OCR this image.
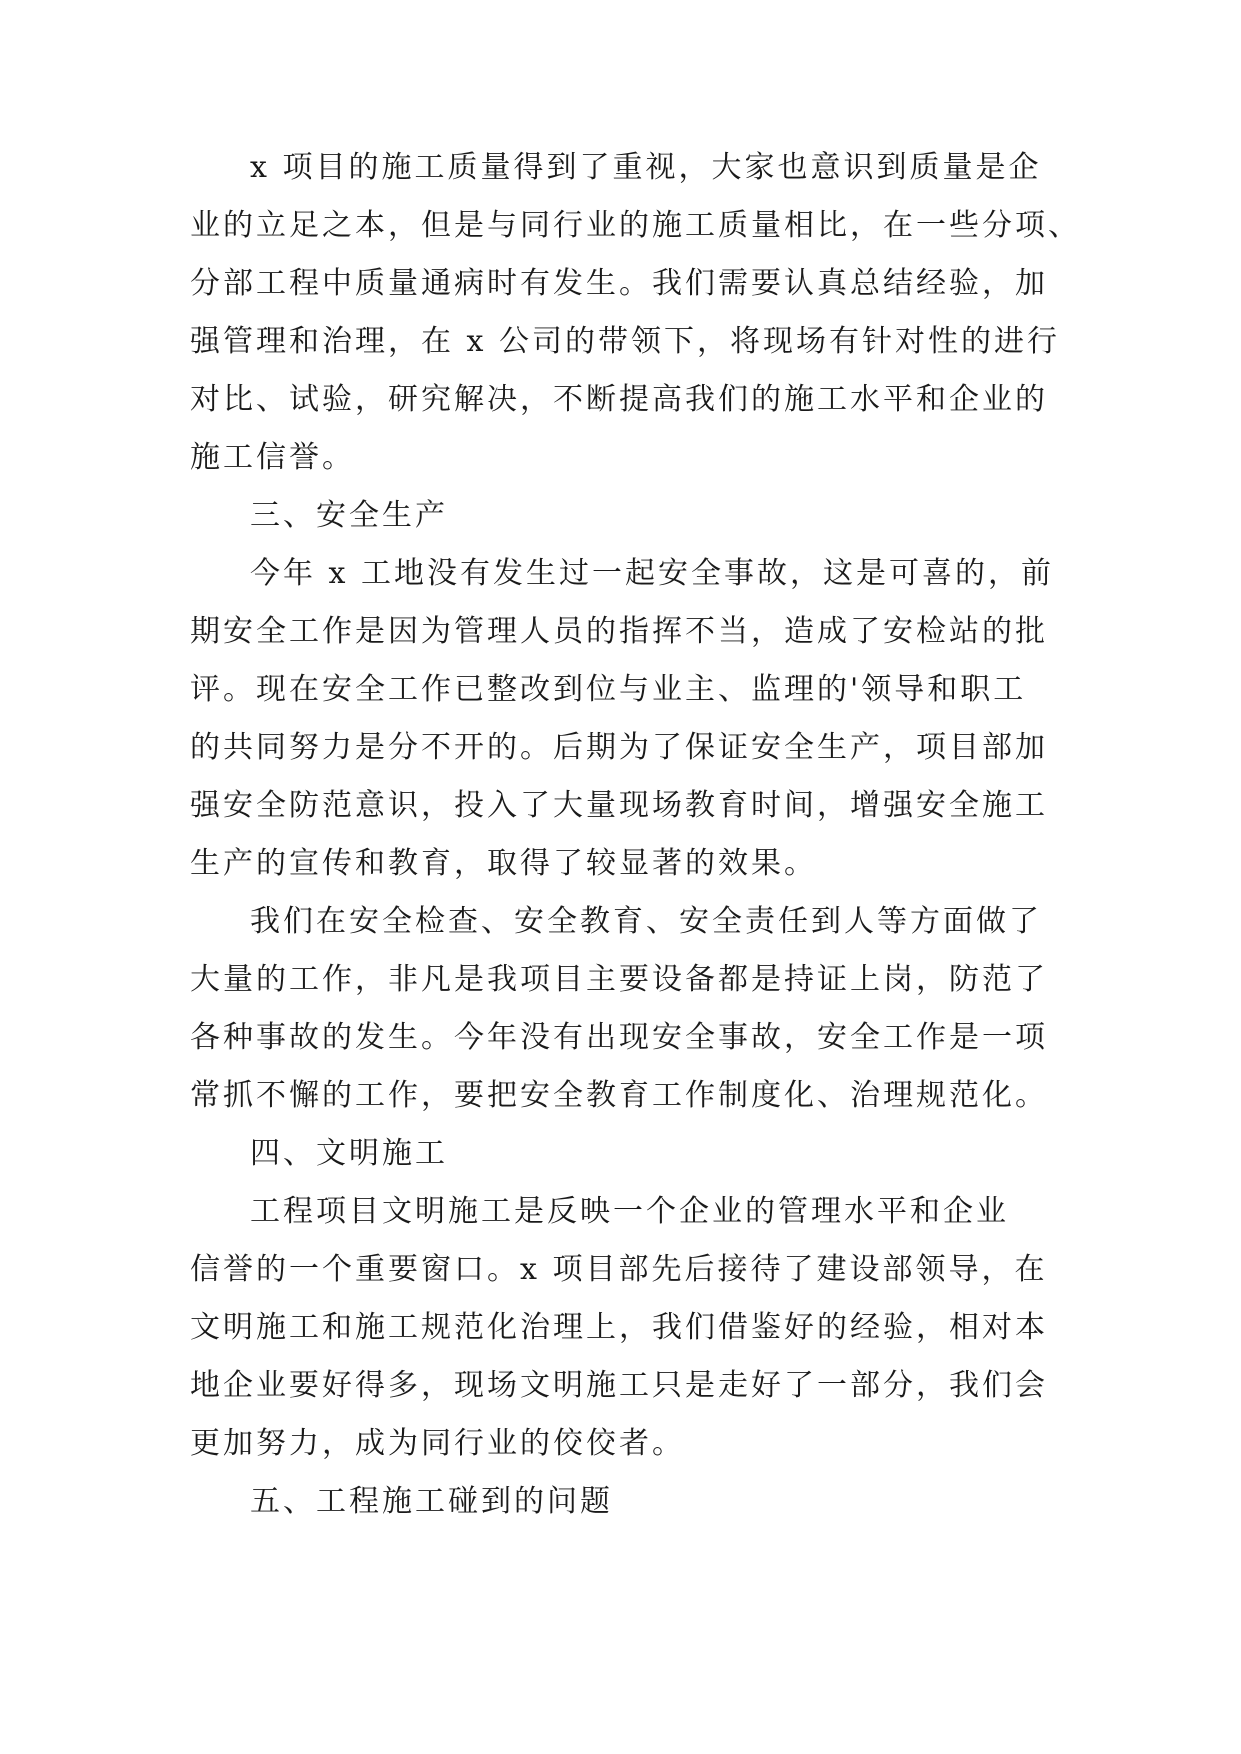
x 项目的施工质量得到了重视，大家也意识到质量是企
业的立足之本，但是与同行业的施工质量相比，在一些分项、
分部工程中质量通病时有发生。我们需要认真总结经验，加
强管理和治理，在 x 公司的带领下，将现场有针对性的进行
对比、试验，研究解决，不断提高我们的施工水平和企业的
施工信誉。
三、安全生产
今年 x 工地没有发生过一起安全事故，这是可喜的，前
期安全工作是因为管理人员的指挥不当，造成了安检站的批
评。现在安全工作已整改到位与业主、监理的'领导和职工
的共同努力是分不开的。后期为了保证安全生产，项目部加
强安全防范意识，投入了大量现场教育时间，增强安全施工
生产的宣传和教育，取得了较显著的效果。
我们在安全检查、安全教育、安全责任到人等方面做了
大量的工作，非凡是我项目主要设备都是持证上岗，防范了
各种事故的发生。今年没有出现安全事故，安全工作是一项
常抓不懈的工作，要把安全教育工作制度化、治理规范化。
四、文明施工
工程项目文明施工是反映一个企业的管理水平和企业
信誉的一个重要窗口。x 项目部先后接待了建设部领导，在
文明施工和施工规范化治理上，我们借鉴好的经验，相对本
地企业要好得多，现场文明施工只是走好了一部分，我们会
更加努力，成为同行业的佼佼者。
五、工程施工碰到的问题
